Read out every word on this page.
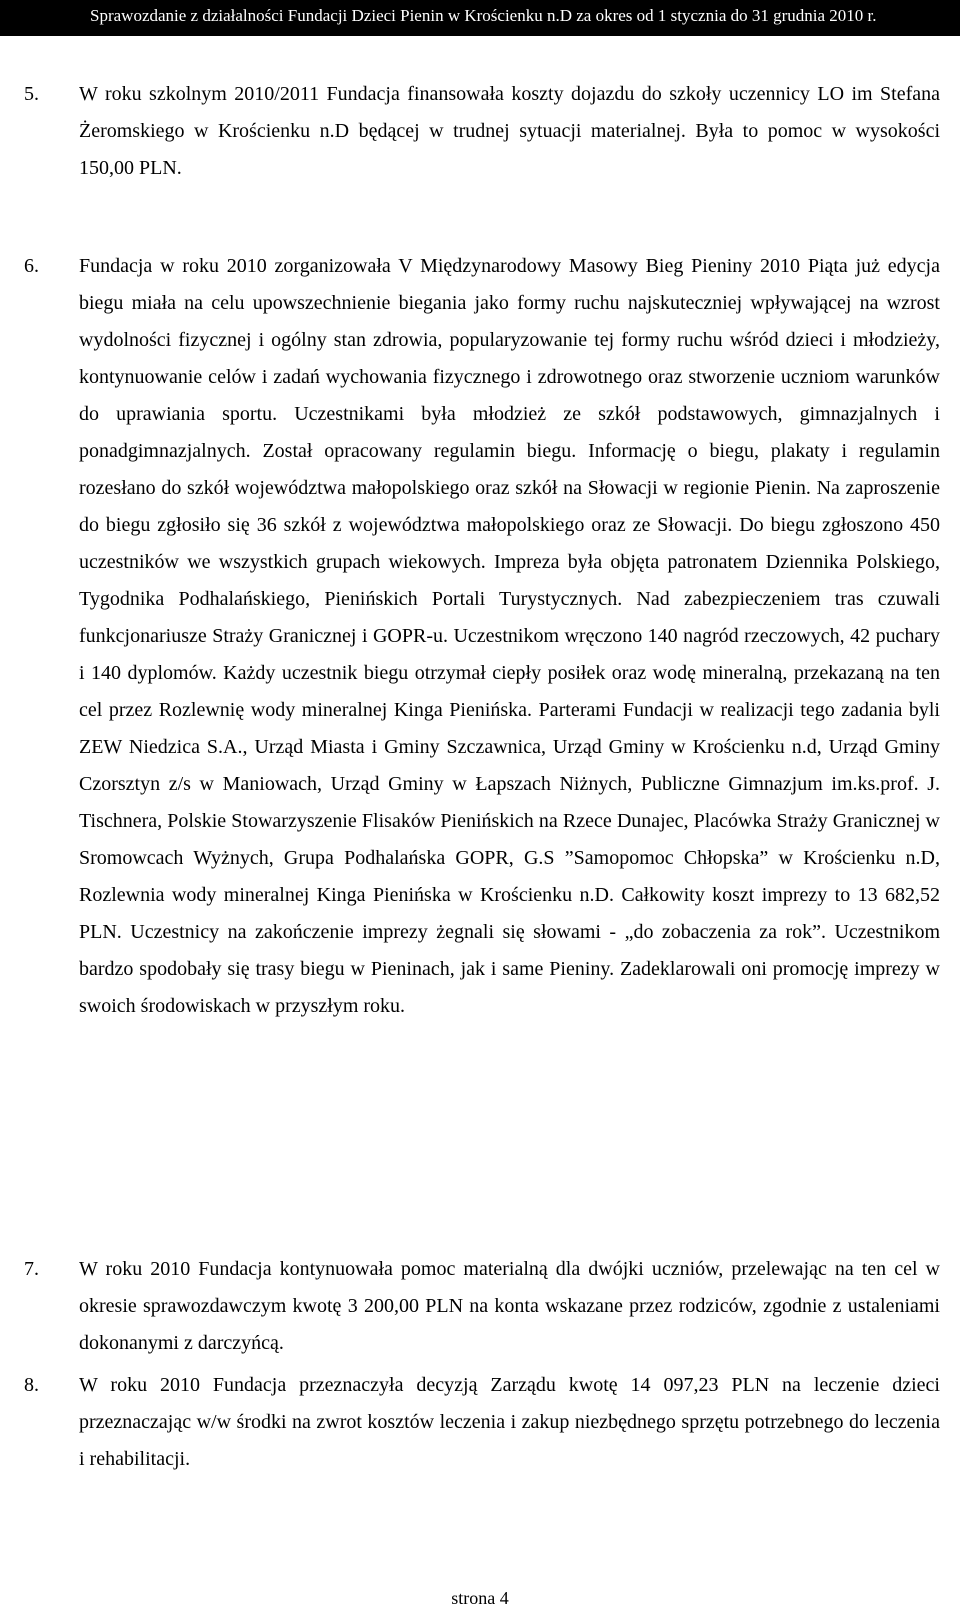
Sprawozdanie z działalności Fundacji Dzieci Pienin w Krościenku n.D za okres od 1 stycznia do 31 grudnia 2010 r.
5. W roku szkolnym 2010/2011 Fundacja finansowała koszty dojazdu do szkoły uczennicy LO im Stefana Żeromskiego w Krościenku n.D będącej w trudnej sytuacji materialnej. Była to pomoc w wysokości 150,00 PLN.

6. Fundacja w roku 2010 zorganizowała V Międzynarodowy Masowy Bieg Pieniny 2010 Piąta już edycja biegu miała na celu upowszechnienie biegania jako formy ruchu najskuteczniej wpływającej na wzrost wydolności fizycznej i ogólny stan zdrowia, popularyzowanie tej formy ruchu wśród dzieci i młodzieży, kontynuowanie celów i zadań wychowania fizycznego i zdrowotnego oraz stworzenie uczniom warunków do uprawiania sportu. Uczestnikami była młodzież ze szkół podstawowych, gimnazjalnych i ponadgimnazjalnych. Został opracowany regulamin biegu. Informację o biegu, plakaty i regulamin rozesłano do szkół województwa małopolskiego oraz szkół na Słowacji w regionie Pienin. Na zaproszenie do biegu zgłosiło się 36 szkół z województwa małopolskiego oraz ze Słowacji. Do biegu zgłoszono 450 uczestników we wszystkich grupach wiekowych. Impreza była objęta patronatem Dziennika Polskiego, Tygodnika Podhalańskiego, Pienińskich Portali Turystycznych. Nad zabezpieczeniem tras czuwali funkcjonariusze Straży Granicznej i GOPR-u. Uczestnikom wręczono 140 nagród rzeczowych, 42 puchary i 140 dyplomów. Każdy uczestnik biegu otrzymał ciepły posiłek oraz wodę mineralną, przekazaną na ten cel przez Rozlewnię wody mineralnej Kinga Pienińska. Parterami Fundacji w realizacji tego zadania byli ZEW Niedzica S.A., Urząd Miasta i Gminy Szczawnica, Urząd Gminy w Krościenku n.d, Urząd Gminy Czorsztyn z/s w Maniowach, Urząd Gminy w Łapszach Niżnych, Publiczne Gimnazjum im.ks.prof. J. Tischnera, Polskie Stowarzyszenie Flisaków Pienińskich na Rzece Dunajec, Placówka Straży Granicznej w Sromowcach Wyżnych, Grupa Podhalańska GOPR, G.S ”Samopomoc Chłopska” w Krościenku n.D, Rozlewnia wody mineralnej Kinga Pienińska w Krościenku n.D. Całkowity koszt imprezy to 13 682,52 PLN. Uczestnicy na zakończenie imprezy żegnali się słowami - „do zobaczenia za rok”. Uczestnikom bardzo spodobały się trasy biegu w Pieninach, jak i same Pieniny. Zadeklarowali oni promocję imprezy w swoich środowiskach w przyszłym roku.

7. W roku 2010 Fundacja kontynuowała pomoc materialną dla dwójki uczniów, przelewając na ten cel w okresie sprawozdawczym kwotę 3 200,00 PLN na konta wskazane przez rodziców, zgodnie z ustaleniami dokonanymi z darczyńcą.

8. W roku 2010 Fundacja przeznaczyła decyzją Zarządu kwotę 14 097,23 PLN na leczenie dzieci przeznaczając w/w środki na zwrot kosztów leczenia i zakup niezbędnego sprzętu potrzebnego do leczenia i rehabilitacji.

strona 4
